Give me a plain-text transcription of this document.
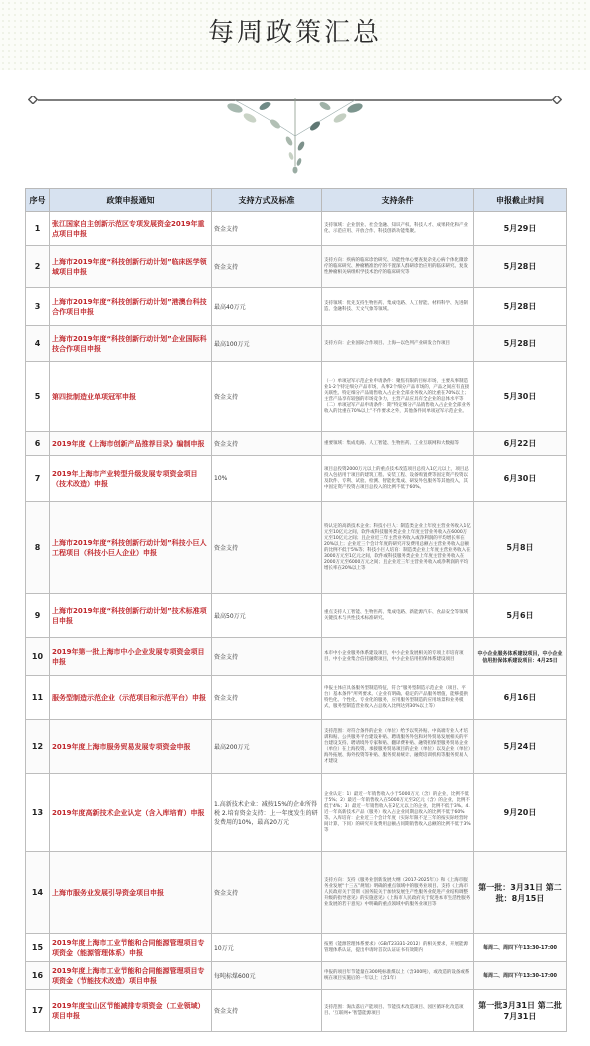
每周政策汇总
序号	政策申报通知	支持方式及标准	支持条件	申报截止时间
1	张江国家自主创新示范区专项发展资金2019年重点项目申报	资金支持	支持领域：企业创业、社会金融、知识产权、科技人才、成果转化和产业化、示范应用、开放合作、科技创新功能集聚。	5月29日
2	上海市2019年度“科技创新行动计划”临床医学领域项目申报	资金支持	支持方向：疾病的临床诊治研究、功能性单心要查复杂先心病个体化微诊疗的临床研究、肿瘤精准治疗的不置深人群研诊治应用的临床研究、复发性肿瘤相关病组织学技术治疗的临床研究等	5月28日
3	上海市2019年度“科技创新行动计划”港澳台科技合作项目申报	最高40万元	支持领域：优先支持生物医药、集成电路、人工智能、材料科学、先进制造、金融科技、天文气象等领域。	5月28日
4	上海市2019年度“科技创新行动计划”企业国际科技合作项目申报	最高100万元	支持方向：企业国际合作项目、上海—以色列产业研发合作项目	5月28日
5	第四批制造业单项冠军申报	资金支持	（一）单项冠军示范企业申请条件：聚焦有限的目标市场，主要从事制造业1-2个特定细分产品市场，从事2个细分产品市场的，产品之间应有直接关联性。特定细分产品销售收入占企业全部业务收入的比重在70%以上；主营产品享有较强的市场竞争力，主营产品应具有全企业的总体水平等（二）单项冠军产品申请条件：期“特定细分产品销售收入占企业全部业务收入的比重在70%以上”不作要求之外，其他条件同单项冠军示范企业。	5月30日
6	2019年度《上海市创新产品推荐目录》编制申报	资金支持	重要领域：集成电路、人工智能、生物医药、工业互联网和大数据等	6月22日
7	2019年上海市产业转型升级发展专项资金项目（技术改造）申报	10%	项目总投资2000万元以上的重点技术改造项目总投入1亿元以上，项目总投入包括用于项目的建筑工程、安装工程、设备购置费等固定资产投资以及软件、专利、试验、检测、智能化集成、研发外包服务等其他投入，其中固定资产投资占项目总投入的比例不低于60%。	6月30日
8	上海市2019年度“科技创新行动计划”科技小巨人工程项目（科技小巨人企业）申报	资金支持	特认定的高新技术企业；科技小巨人：制造类企业上年度主营业务收入1亿元至10亿元之间，软件或科技服务类企业上年度主营业务收入在6000万元至10亿元之间；且企业近三年主营业务收入或净利润的平均增长率在20%以上；企业近三个会计年度的研究开发费用总额占主营业务收入总额的比例不低于5%等；科技小巨人培育：制造类企业上年度主营业务收入在3000万元至1亿元之间，软件或科技服务类企业上年度主营业务收入在2000万元至6000万元之间；且企业近三年主营业务收入或净利润的平均增长率在20%以上等	5月8日
9	上海市2019年度“科技创新行动计划”技术标准项目申报	最高50万元	重点支持人工智能、生物医药、集成电路、新能源汽车、食品安全等领域关键技术与共性技术标准研究。	5月6日
10	2019年第一批上海市中小企业发展专项资金项目申报	资金支持	本市中小企业服务体系建设项目，中小企业发展相关的专项上市培育项目，中小企业集合信托融资项目，中小企业信用担保体系建设项目	中小企业服务体系建设项目，中小企业信用担保体系建设项目：4月25日
11	服务型制造示范企业（示范项目和示范平台）申报	资金支持	申报主体应具备服务型制造特征，符合“服务型制造示范企业（项目、平台）基本条件”所列要求。（企业有明确、稳定的产品服务增值，能够提供特色化、个性化、专业化的服务，应用服务型制造的应用场景和业务模式，服务型制造营业收入占总收入比例达到30%以上等）	6月16日
12	2019年度上海市服务贸易发展专项资金申报	最高200万元	支持范围：对符合条件的企业（单位）给予以奖补贴、中高端专业人才培训和贴、公共服务平台建设补贴、聘请服务外包和对外贸易发展相关的平台建设支持、聘请境外专家和贴、翻译费补贴、融资担保型服务贸易企业（单位）在上海投资、承接服务贸易项目的企业（单位）以及企业（单位）海外拓展、海外投资等补贴、服务贸易统计、融资培训机构等服务贸易人才建设	5月24日
13	2019年度高新技术企业认定（含入库培育）申报	1.高新技术企业：减按15%的企业所得税 2.培育资金支持：上一年度发生的研发费用的10%，最高20万元	企业认定：1）最近一年销售收入小于5000万元（含）的企业，比例不低于5%；2）最近一年销售收入在5000万元至2亿元（含）的企业，比例不低于4%；3）最近一年销售收入在2亿元以上的企业，比例不低于3%。4.近一年高新技术产品（服务）收入占企业同期总收入的比例不低于60%等。入库培育：企业近三个会计年度（实际年限不足三年的按实际经营时间计算，下同）的研究开发费用总额占同期销售收入总额的比例不低于3%等	9月20日
14	上海市服务业发展引导资金项目申报	资金支持	支持方向：支持《服务业创新发展大纲（2017-2025年）》和《上海市服务业发展“十三五”规划》明确的重点领域中的服务业项目、支持《上海市人民政府关于贯彻《国务院关于加快发展生产性服务业促进产业结构调整升级的指导意见》的实施意见》《上海市人民政府关于促进本市生活性服务业发展的若干意见》中明确的重点领域中的服务业项目等	第一批：3月31日 第二批：8月15日
15	2019年度上海市工业节能和合同能源管理项目专项资金（能源管理体系）申报	10万元	按照《能源管理体系要求》（GB/T23331-2012）的相关要求，开展能源管理体系认证，提出申请时首次认证证书有效期内	每周二、周四下午13:30-17:00
16	2019年度上海市工业节能和合同能源管理项目专项资金（节能技术改造）项目申报	每吨标煤600元	申报的项目年节能量在300吨标准煤以上（含300吨），或改造的设备或系统在项目实施后的一年以上（含1年）	每周二、周四下午13:30-17:00
17	2019年度宝山区节能减排专项资金（工业领域）项目申报	资金支持	支持范围：淘汰落后产能项目、节能技术改造项目、园区循环化改造项目、‘互联网+’智慧能源项目	第一批3月31日 第二批7月31日
